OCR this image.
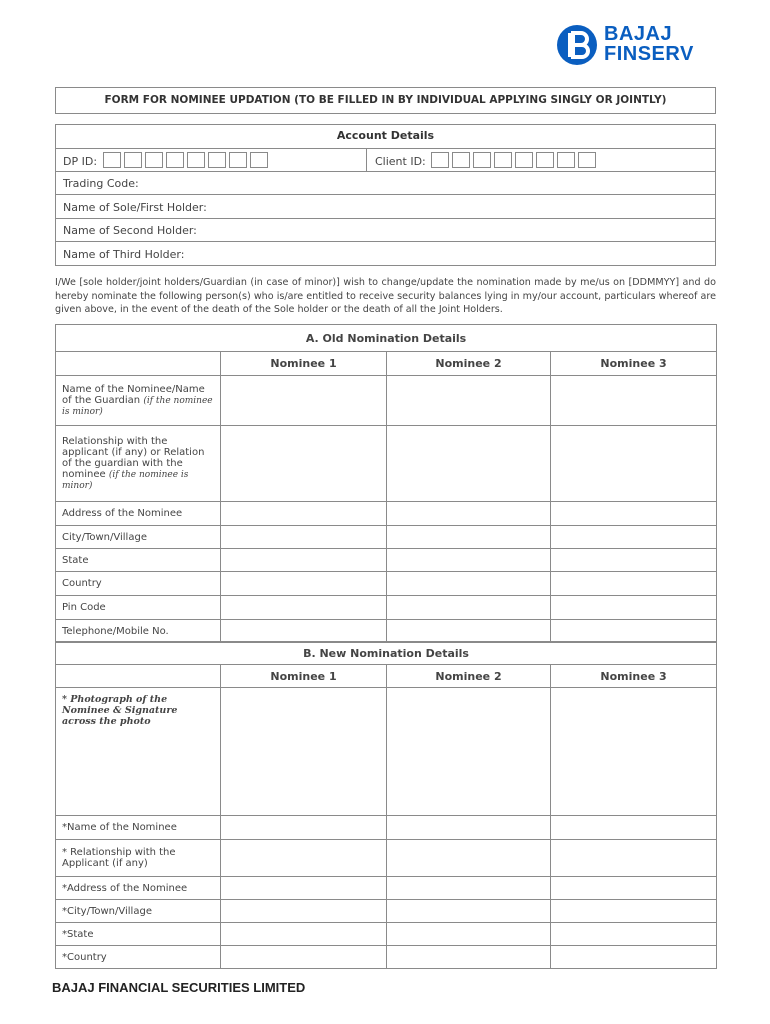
BAJAJ
FINSERV
FORM FOR NOMINEE UPDATION (TO BE FILLED IN BY INDIVIDUAL APPLYING SINGLY OR JOINTLY)
Account Details
DP ID:	Client ID:
Trading Code:
Name of Sole/First Holder:
Name of Second Holder:
Name of Third Holder:
I/We [sole holder/joint holders/Guardian (in case of minor)] wish to change/update the nomination made by me/us on [DDMMYY] and do hereby nominate the following person(s) who is/are entitled to receive security balances lying in my/our account, particulars whereof are given above, in the event of the death of the Sole holder or the death of all the Joint Holders.
A. Old Nomination Details			
	Nominee 1	Nominee 2	Nominee 3
Name of the Nominee/Name of the Guardian (if the nominee is minor)			
Relationship with the applicant (if any) or Relation of the guardian with the nominee (if the nominee is minor)			
Address of the Nominee			
City/Town/Village			
State			
Country			
Pin Code			
Telephone/Mobile No.			
B. New Nomination Details			
	Nominee 1	Nominee 2	Nominee 3
* Photograph of the Nominee & Signature across the photo			
*Name of the Nominee			
* Relationship with the Applicant (if any)			
*Address of the Nominee			
*City/Town/Village			
*State			
*Country			
BAJAJ FINANCIAL SECURITIES LIMITED
